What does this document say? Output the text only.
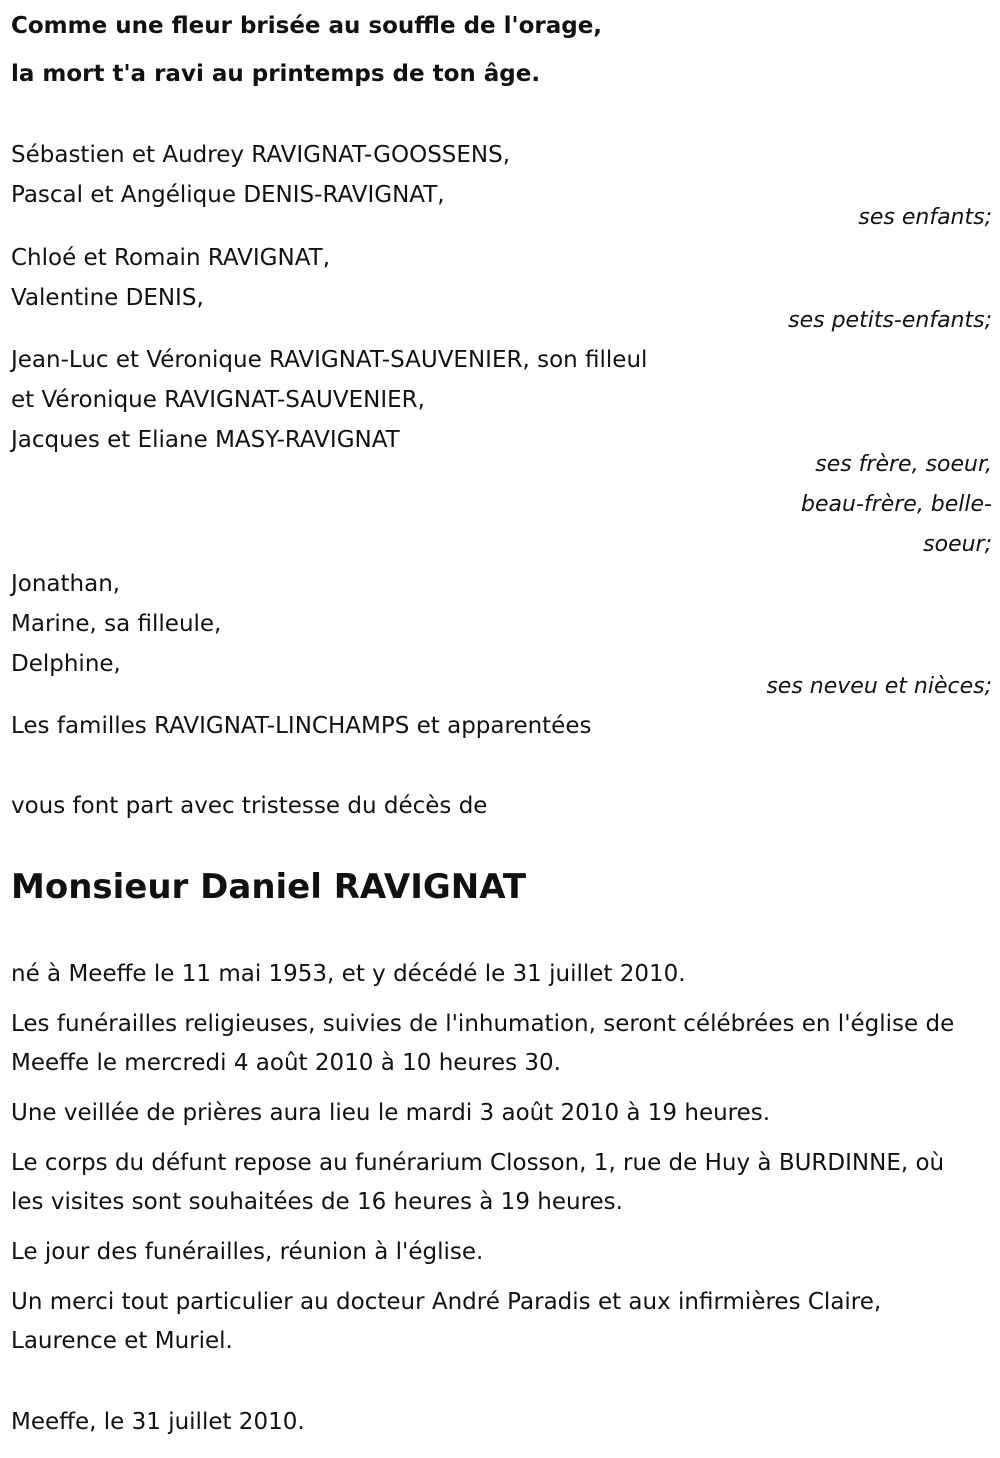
Comme une fleur brisée au souffle de l'orage,
la mort t'a ravi au printemps de ton âge.
Sébastien et Audrey RAVIGNAT-GOOSSENS,
Pascal et Angélique DENIS-RAVIGNAT,
ses enfants;
Chloé et Romain RAVIGNAT,
Valentine DENIS,
ses petits-enfants;
Jean-Luc et Véronique RAVIGNAT-SAUVENIER, son filleul
et Véronique RAVIGNAT-SAUVENIER,
Jacques et Eliane MASY-RAVIGNAT
ses frère, soeur,
beau-frère, belle-
soeur;
Jonathan,
Marine, sa filleule,
Delphine,
ses neveu et nièces;
Les familles RAVIGNAT-LINCHAMPS et apparentées
vous font part avec tristesse du décès de
Monsieur Daniel RAVIGNAT
né à Meeffe le 11 mai 1953, et y décédé le 31 juillet 2010.
Les funérailles religieuses, suivies de l'inhumation, seront célébrées en l'église de Meeffe le mercredi 4 août 2010 à 10 heures 30.
Une veillée de prières aura lieu le mardi 3 août 2010 à 19 heures.
Le corps du défunt repose au funérarium Closson, 1, rue de Huy à BURDINNE, où les visites sont souhaitées de 16 heures à 19 heures.
Le jour des funérailles, réunion à l'église.
Un merci tout particulier au docteur André Paradis et aux infirmières Claire, Laurence et Muriel.
Meeffe, le 31 juillet 2010.
